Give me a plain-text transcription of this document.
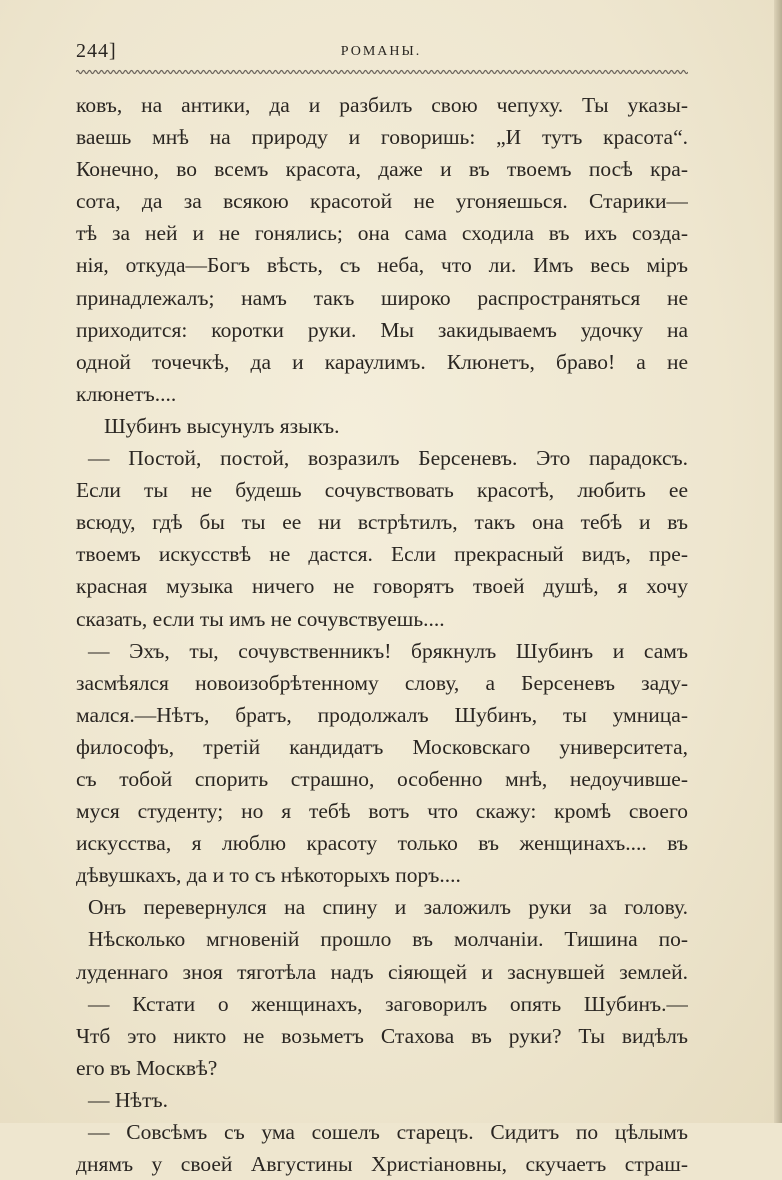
244]	РОМАНЫ.
ковъ, на антики, да и разбилъ свою чепуху. Ты указы-
ваешь мнѣ на природу и говоришь: „И тутъ красота“.
Конечно, во всемъ красота, даже и въ твоемъ посѣ кра-
сота, да за всякою красотой не угоняешься. Старики—
тѣ за ней и не гонялись; она сама сходила въ ихъ созда-
нія, откуда—Богъ вѣсть, съ неба, что ли. Имъ весь міръ
принадлежалъ; намъ такъ широко распространяться не
приходится: коротки руки. Мы закидываемъ удочку на
одной точечкѣ, да и караулимъ. Клюнетъ, браво! а не
клюнетъ....
Шубинъ высунулъ языкъ.
— Постой, постой, возразилъ Берсеневъ. Это парадоксъ.
Если ты не будешь сочувствовать красотѣ, любить ее
всюду, гдѣ бы ты ее ни встрѣтилъ, такъ она тебѣ и въ
твоемъ искусствѣ не дастся. Если прекрасный видъ, пре-
красная музыка ничего не говорятъ твоей душѣ, я хочу
сказать, если ты имъ не сочувствуешь....
— Эхъ, ты, сочувственникъ! брякнулъ Шубинъ и самъ
засмѣялся новоизобрѣтенному слову, а Берсеневъ заду-
мался.—Нѣтъ, братъ, продолжалъ Шубинъ, ты умница-
философъ, третій кандидатъ Московскаго университета,
съ тобой спорить страшно, особенно мнѣ, недоучивше-
муся студенту; но я тебѣ вотъ что скажу: кромѣ своего
искусства, я люблю красоту только въ женщинахъ.... въ
дѣвушкахъ, да и то съ нѣкоторыхъ поръ....
Онъ перевернулся на спину и заложилъ руки за голову.
Нѣсколько мгновеній прошло въ молчаніи. Тишина по-
луденнаго зноя тяготѣла надъ сіяющей и заснувшей землей.
— Кстати о женщинахъ, заговорилъ опять Шубинъ.—
Чтб это никто не возьметъ Стахова въ руки? Ты видѣлъ
его въ Москвѣ?
— Нѣтъ.
— Совсѣмъ съ ума сошелъ старецъ. Сидитъ по цѣлымъ
днямъ у своей Августины Христіановны, скучаетъ страш-
